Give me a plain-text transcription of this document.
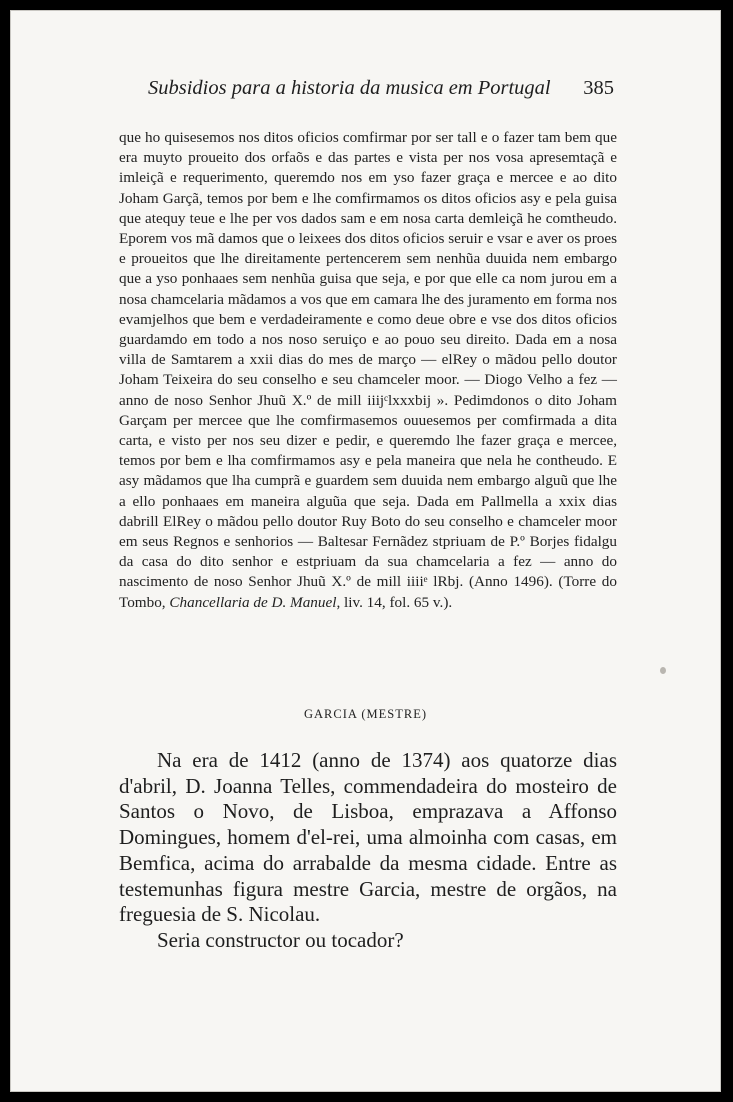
Subsidios para a historia da musica em Portugal 385

que ho quisesemos nos ditos oficios comfirmar por ser tall e o fazer tam bem que era muyto proueito dos orfaõs e das partes e vista per nos vosa apresemtaçã e imleiçã e requerimento, queremdo nos em yso fazer graça e mercee e ao dito Joham Garçã, temos por bem e lhe comfirmamos os ditos oficios asy e pela guisa que atequy teue e lhe per vos dados sam e em nosa carta demleiçã he comtheudo. Eporem vos mã damos que o leixees dos ditos oficios seruir e vsar e aver os proes e proueitos que lhe direitamente pertencerem sem nenhũa duuida nem embargo que a yso ponhaaes sem nenhũa guisa que seja, e por que elle ca nom jurou em a nosa chamcelaria mãdamos a vos que em camara lhe des juramento em forma nos evamjelhos que bem e verdadeiramente e como deue obre e vse dos ditos oficios guardamdo em todo a nos noso seruiço e ao pouo seu direito. Dada em a nosa villa de Samtarem a xxii dias do mes de março — elRey o mãdou pello doutor Joham Teixeira do seu conselho e seu chamceler moor. — Diogo Velho a fez — anno de noso Senhor Jhuũ X.º de mill iiijᶜlxxxbij ». Pedimdonos o dito Joham Garçam per mercee que lhe comfirmasemos ouuesemos per comfirmada a dita carta, e visto per nos seu dizer e pedir, e queremdo lhe fazer graça e mercee, temos por bem e lha comfirmamos asy e pela maneira que nela he contheudo. E asy mãdamos que lha cumprã e guardem sem duuida nem embargo alguũ que lhe a ello ponhaaes em maneira alguũa que seja. Dada em Pallmella a xxix dias dabrill ElRey o mãdou pello doutor Ruy Boto do seu conselho e chamceler moor em seus Regnos e senhorios — Baltesar Fernãdez stpriuam de P.º Borjes fidalgu da casa do dito senhor e estpriuam da sua chamcelaria a fez — anno do nascimento de noso Senhor Jhuũ X.º de mill iiiiᵉ lRbj. (Anno 1496). (Torre do Tombo, Chancellaria de D. Manuel, liv. 14, fol. 65 v.).

GARCIA (MESTRE)

Na era de 1412 (anno de 1374) aos quatorze dias d'abril, D. Joanna Telles, commendadeira do mosteiro de Santos o Novo, de Lisboa, emprazava a Affonso Domingues, homem d'el-rei, uma almoinha com casas, em Bemfica, acima do arrabalde da mesma cidade. Entre as testemunhas figura mestre Garcia, mestre de orgãos, na freguesia de S. Nicolau.

Seria constructor ou tocador?
